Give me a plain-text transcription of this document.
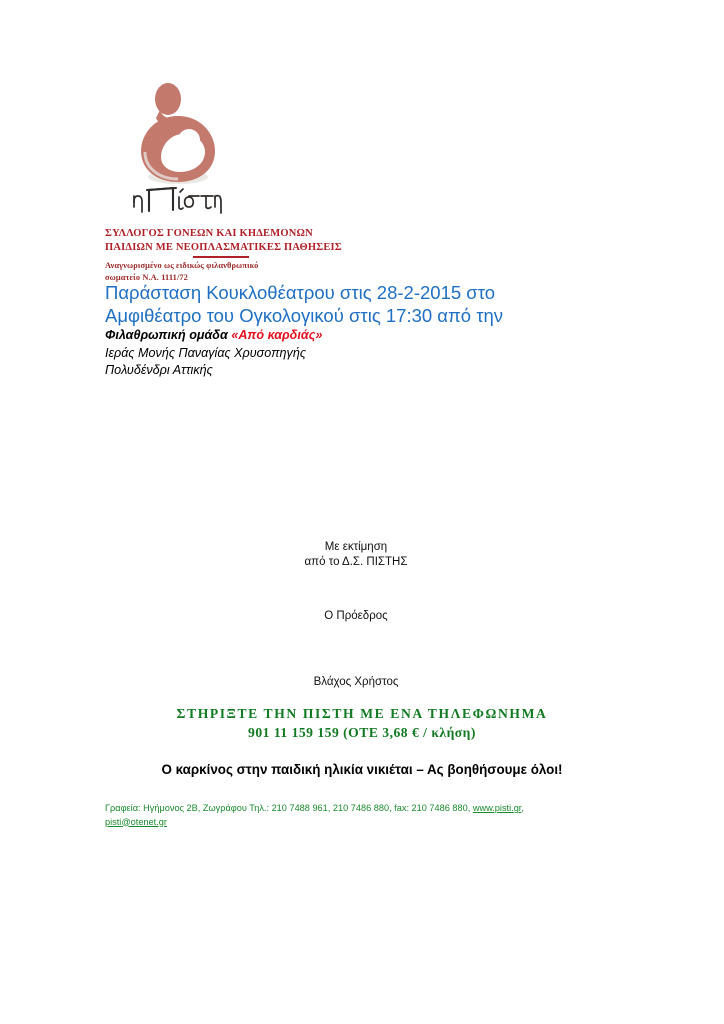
ΣΥΛΛΟΓΟΣ ΓΟΝΕΩΝ ΚΑΙ ΚΗΔΕΜΟΝΩΝ
ΠΑΙΔΙΩΝ ΜΕ ΝΕΟΠΛΑΣΜΑΤΙΚΕΣ ΠΑΘΗΣΕΙΣ
Αναγνωρισμένο ως ειδικώς φιλανθρωπικό
σωματείο Ν.Α. 1111/72
Παράσταση Κουκλοθέατρου στις 28-2-2015 στο
Αμφιθέατρο του Ογκολογικού στις 17:30 από την
Φιλαθρωπική ομάδα «Από καρδιάς»
Ιεράς Μονής Παναγίας Χρυσοπηγής
Πολυδένδρι Αττικής
Με εκτίμηση
από το Δ.Σ. ΠΙΣΤΗΣ
Ο Πρόεδρος
Βλάχος Χρήστος
ΣΤΗΡΙΞΤΕ ΤΗΝ ΠΙΣΤΗ ΜΕ ΕΝΑ ΤΗΛΕΦΩΝΗΜΑ
901 11 159 159 (ΟΤΕ 3,68 € / κλήση)
Ο καρκίνος στην παιδική ηλικία νικιέται – Ας βοηθήσουμε όλοι!
Γραφεία: Ηγήμονος 2Β, Ζωγράφου Τηλ.: 210 7488 961, 210 7486 880, fax: 210 7486 880, www.pisti.gr,
pisti@otenet.gr
